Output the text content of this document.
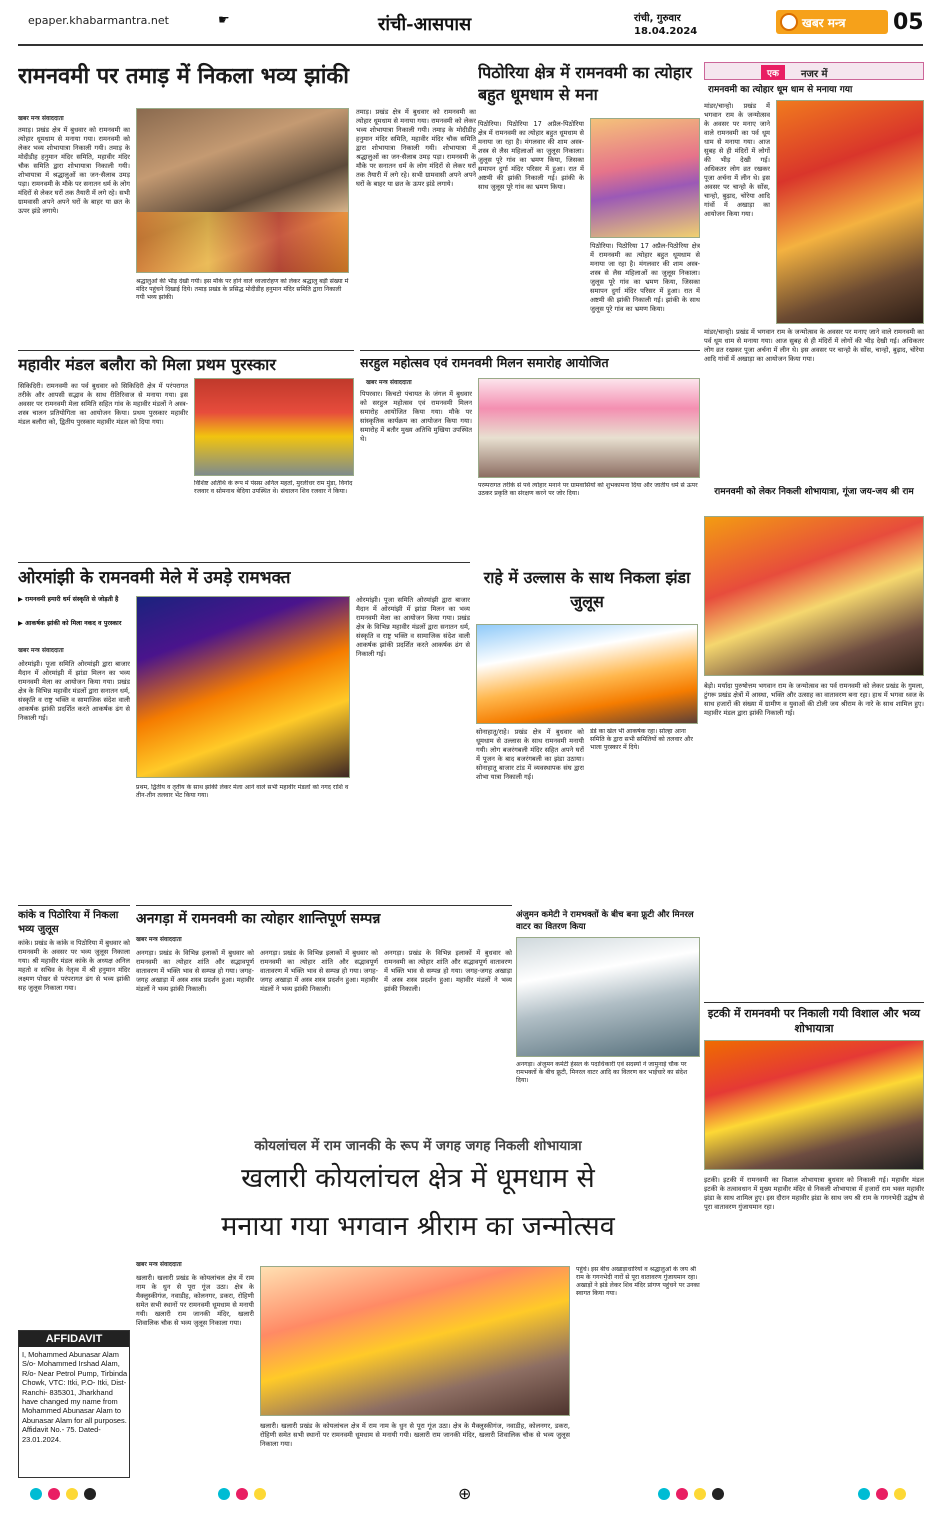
epaper.khabarmantra.net	☛	रांची-आसपास	रांची, गुरुवार
18.04.2024
खबर मन्त्र	05
रामनवमी पर तमाड़ में निकला भव्य झांकी
खबर मन्त्र संवाददाता
तमाड़। प्रखंड क्षेत्र में बुधवार को रामनवमी का त्योहार धूमधाम से मनाया गया। रामनवमी को लेकर भव्य शोभायात्रा निकाली गयी। तमाड़ के मोदीडीह हनुमान मंदिर समिति, महावीर मंदिर चौक समिति द्वारा शोभायात्रा निकाली गयी। शोभायात्रा में श्रद्धालुओं का जन-सैलाब उमड़ पड़ा। रामनवमी के मौके पर सनातन धर्म के लोग मंदिरों से लेकर घरों तक तैयारी में लगे रहे। सभी ग्रामवासी अपने अपने घरों के बाहर या छत के ऊपर झंडे लगाये।
श्रद्धालुओं की भीड़ देखी गयी। इस मौके पर होने वाले ध्वजारोहण को लेकर श्रद्धालु बड़ी संख्या में मंदिर पहुंचने दिखाई दिये। तमाड़ प्रखंड के प्रसिद्ध मोदीडीह हनुमान मंदिर समिति द्वारा निकाली गयी भव्य झांकी।
तमाड़। प्रखंड क्षेत्र में बुधवार को रामनवमी का त्योहार धूमधाम से मनाया गया। रामनवमी को लेकर भव्य शोभायात्रा निकाली गयी। तमाड़ के मोदीडीह हनुमान मंदिर समिति, महावीर मंदिर चौक समिति द्वारा शोभायात्रा निकाली गयी। शोभायात्रा में श्रद्धालुओं का जन-सैलाब उमड़ पड़ा। रामनवमी के मौके पर सनातन धर्म के लोग मंदिरों से लेकर घरों तक तैयारी में लगे रहे। सभी ग्रामवासी अपने अपने घरों के बाहर या छत के ऊपर झंडे लगाये।
पिठोरिया क्षेत्र में रामनवमी का त्योहार बहुत धूमधाम से मना
पिठोरिया। पिठोरिया 17 अप्रैल-पिठोरिया क्षेत्र में रामनवमी का त्योहार बहुत धूमधाम से मनाया जा रहा है। मंगलवार की शाम अस्त्र-शस्त्र से लैस महिलाओं का जुलूस निकाला। जुलूस पूरे गांव का भ्रमण किया, जिसका समापन दुर्गा मंदिर परिसर में हुआ। रात में अष्टमी की झांकी निकाली गई। झांकी के साथ जुलूस पूरे गांव का भ्रमण किया।
पिठोरिया। पिठोरिया 17 अप्रैल-पिठोरिया क्षेत्र में रामनवमी का त्योहार बहुत धूमधाम से मनाया जा रहा है। मंगलवार की शाम अस्त्र-शस्त्र से लैस महिलाओं का जुलूस निकाला। जुलूस पूरे गांव का भ्रमण किया, जिसका समापन दुर्गा मंदिर परिसर में हुआ। रात में अष्टमी की झांकी निकाली गई। झांकी के साथ जुलूस पूरे गांव का भ्रमण किया।
एक	नजर में
रामनवमी का त्योहार धूम धाम से मनाया गया
मांडर/चान्हो। प्रखंड में भगवान राम के जन्मोत्सव के अवसर पर मनाए जाने वाले रामनवमी का पर्व धूम धाम से मनाया गया। आज सुबह से ही मंदिरों में लोगों की भीड़ देखी गई। अधिकतर लोग व्रत रखकर पूजा अर्चना में लीन थे। इस अवसर पर चान्हो के सोंस, चान्हो, बुढ़ाद, चोरेया आदि गांवों में अखाड़ा का आयोजन किया गया।
मांडर/चान्हो। प्रखंड में भगवान राम के जन्मोत्सव के अवसर पर मनाए जाने वाले रामनवमी का पर्व धूम धाम से मनाया गया। आज सुबह से ही मंदिरों में लोगों की भीड़ देखी गई। अधिकतर लोग व्रत रखकर पूजा अर्चना में लीन थे। इस अवसर पर चान्हो के सोंस, चान्हो, बुढ़ाद, चोरेया आदि गांवों में अखाड़ा का आयोजन किया गया।
महावीर मंडल बलौरा को मिला प्रथम पुरस्कार
सिकिदिरी। रामनवमी का पर्व बुधवार को सिकिदिरी क्षेत्र में परंपरागत तरीके और आपसी सद्भाव के साथ रीतिरिवाज से मनाया गया। इस अवसर पर रामनवमी मेला समिति सहित गांव के महावीर मंडलों ने अस्त्र-शस्त्र चालन प्रतियोगिता का आयोजन किया। प्रथम पुरस्कार महावीर मंडल बलौरा को, द्वितीय पुरस्कार महावीर मंडल को दिया गया।
विशिष्ट अतिथि के रूप में पंसस अनिल महतो, मुरलीधर राम मुंडा, विनोद रजवार व सोमनाथ बेदिया उपस्थित थे। संचालन शिव रजवार ने किया।
सरहुल महोत्सव एवं रामनवमी मिलन समारोह आयोजित
खबर मन्त्र संवाददाता
पिपरवार। किचटो पंचायत के जंगल में बुधवार को सरहुल महोत्सव एवं रामनवमी मिलन समारोह आयोजित किया गया। मौके पर सांस्कृतिक कार्यक्रम का आयोजन किया गया। समारोह में बतौर मुख्य अतिथि मुखिया उपस्थित थे।
परम्परागत तरीके से पर्व त्योहार मनाने पर ग्रामवासियों को शुभकामना दिया और जातीय धर्म से ऊपर उठकर प्रकृति का संरक्षण करने पर जोर दिया।	रामनवमी को लेकर निकली शोभायात्रा, गूंजा जय-जय श्री राम
बेड़ो। मर्यादा पुरुषोत्तम भगवान राम के जन्मोत्सव का पर्व रामनवमी को लेकर प्रखंड के गुमला, टुंगरू प्रखंड क्षेत्रों में आस्था, भक्ति और उत्साह का वातावरण बना रहा। हाथ में भगवा ध्वज के साथ हजारों की संख्या में ग्रामीण व युवाओं की टोली जय श्रीराम के नारे के साथ शामिल हुए। महावीर मंडल द्वारा झांकी निकाली गई।
ओरमांझी के रामनवमी मेले में उमड़े रामभक्त
▶ रामनवमी हमारी धर्म संस्कृति से जोड़ती है
▶ आकर्षक झांकी को मिला नकद व पुरस्कार
खबर मन्त्र संवाददाता
ओरमांझी। पूजा समिति ओरमांझी द्वारा बाजार मैदान में ओरमांझी में झांडा मिलन का भव्य रामनवमी मेला का आयोजन किया गया। प्रखंड क्षेत्र के विभिन्न महावीर मंडलों द्वारा सनातन धर्म, संस्कृति व राष्ट्र भक्ति व सामाजिक संदेश वाली आकर्षक झांकी प्रदर्शित करते आकर्षक ढंग से निकाली गई।
प्रथम, द्वितीय व तृतीय के साथ झांकी लेकर मेला आने वाले सभी महावीर मंडलों को नगद राशि व तीन-तीन तलवार भेंट किया गया।
ओरमांझी। पूजा समिति ओरमांझी द्वारा बाजार मैदान में ओरमांझी में झांडा मिलन का भव्य रामनवमी मेला का आयोजन किया गया। प्रखंड क्षेत्र के विभिन्न महावीर मंडलों द्वारा सनातन धर्म, संस्कृति व राष्ट्र भक्ति व सामाजिक संदेश वाली आकर्षक झांकी प्रदर्शित करते आकर्षक ढंग से निकाली गई।
राहे में उल्लास के साथ निकला झंडा जुलूस
सोनाहातू/राहे। प्रखंड क्षेत्र में बुधवार को धूमधाम से उल्लास के साथ रामनवमी मनायी गयी। लोग बजरंगबली मंदिर सहित अपने घरों में पूजन के बाद बजरंगबली का झंडा उठाया। सोनाहातू बाजार टांड में व्यवस्थापक संघ द्वारा शोभा यात्रा निकाली गई।
डंडे का खेल भी आकर्षक रहा। सोल्हा आना समिति के द्वारा सभी समितियों को तलवार और भाला पुरस्कार में दिये।
कांके व पिठोरिया में निकला भव्य जुलूस
कांके। प्रखंड के कांके व पिठोरिया में बुधवार को रामनवमी के अवसर पर भव्य जुलूस निकाला गया। श्री महावीर मंडल कांके के अध्यक्ष अनिल महतो व सचिव के नेतृत्व में श्री हनुमान मंदिर लक्ष्मण पोखर से परंपरागत ढंग से भव्य झांकी सह जुलूस निकाला गया।
अनगड़ा में रामनवमी का त्योहार शान्तिपूर्ण सम्पन्न
खबर मन्त्र संवाददाता
अनगड़ा। प्रखंड के विभिन्न इलाकों में बुधवार को रामनवमी का त्योहार शांति और सद्भावपूर्ण वातावरण में भक्ति भाव से सम्पन्न हो गया। जगह-जगह अखाड़ा में अस्त्र शस्त्र प्रदर्शन हुआ। महावीर मंडलों ने भव्य झांकी निकाली।
अनगड़ा। प्रखंड के विभिन्न इलाकों में बुधवार को रामनवमी का त्योहार शांति और सद्भावपूर्ण वातावरण में भक्ति भाव से सम्पन्न हो गया। जगह-जगह अखाड़ा में अस्त्र शस्त्र प्रदर्शन हुआ। महावीर मंडलों ने भव्य झांकी निकाली।
अनगड़ा। प्रखंड के विभिन्न इलाकों में बुधवार को रामनवमी का त्योहार शांति और सद्भावपूर्ण वातावरण में भक्ति भाव से सम्पन्न हो गया। जगह-जगह अखाड़ा में अस्त्र शस्त्र प्रदर्शन हुआ। महावीर मंडलों ने भव्य झांकी निकाली।
अंजुमन कमेटी ने रामभक्तों के बीच बना फ्रूटी और मिनरल वाटर का वितरण किया
अनगड़ा। अंजुमन कमेटी हेसल के पदाधिकारी एवं सदस्यों ने जामुनाई चौक पर रामभक्तों के बीच फ्रूटी, मिनरल वाटर आदि का वितरण कर भाईचारे का संदेश दिया।
इटकी में रामनवमी पर निकाली गयी विशाल और भव्य शोभायात्रा
इटकी। इटकी में रामनवमी का विशाल शोभायात्रा बुधवार को निकाली गई। महावीर मंडल इटकी के तत्वावधान में मुख्य महावीर मंदिर से निकली शोभायात्रा में हजारों राम भक्त महावीर झंडा के साथ शामिल हुए। इस दौरान महावीर झंडा के साथ जय श्री राम के गगनभेदी उद्घोष से पूरा वातावरण गुंजायमान रहा।
कोयलांचल में राम जानकी के रूप में जगह जगह निकली शोभायात्रा
खलारी कोयलांचल क्षेत्र में धूमधाम से
मनाया गया भगवान श्रीराम का जन्मोत्सव
खबर मन्त्र संवाददाता
खलारी। खलारी प्रखंड के कोयलांचल क्षेत्र में राम नाम के धुन से पूरा गूंज उठा। क्षेत्र के मैक्लुस्कीगंज, नवाडीह, कोलनगर, डकरा, रोहिणी समेत सभी स्थानों पर रामनवमी धूमधाम से मनायी गयी। खलारी राम जानकी मंदिर, खलारी शिवालिक चौक से भव्य जुलूस निकाला गया।
खलारी। खलारी प्रखंड के कोयलांचल क्षेत्र में राम नाम के धुन से पूरा गूंज उठा। क्षेत्र के मैक्लुस्कीगंज, नवाडीह, कोलनगर, डकरा, रोहिणी समेत सभी स्थानों पर रामनवमी धूमधाम से मनायी गयी। खलारी राम जानकी मंदिर, खलारी शिवालिक चौक से भव्य जुलूस निकाला गया।
पहुंचे। इस बीच अखाड़ाधारियों व श्रद्धालुओं के जय श्री राम के गगनभेदी नारों से पूरा वातावरण गुंजायमान रहा। अखाड़ों ने झंडे लेकर शिव मंदिर प्रांगण पहुंचने पर उनका स्वागत किया गया।
AFFIDAVIT
I, Mohammed Abunasar Alam S/o- Mohammed Irshad Alam, R/o- Near Petrol Pump, Tirbinda Chowk, VTC: Itki, P.O- Itki, Dist- Ranchi- 835301, Jharkhand have changed my name from Mohammed Abunasar Alam to Abunasar Alam for all purposes. Affidavit No.- 75. Dated- 23.01.2024.
⊕
